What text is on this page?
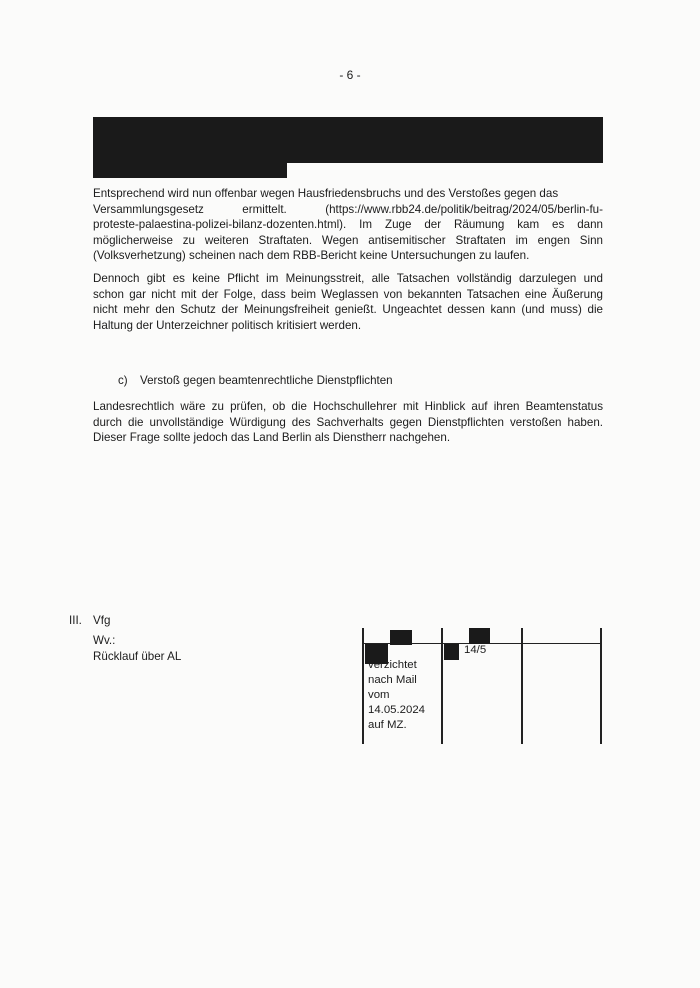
- 6 -

Entsprechend wird nun offenbar wegen Hausfriedensbruchs und des Verstoßes gegen das
Versammlungsgesetz ermittelt. (https://www.rbb24.de/politik/beitrag/2024/05/berlin-fu-
proteste-palaestina-polizei-bilanz-dozenten.html). Im Zuge der Räumung kam es dann
möglicherweise zu weiteren Straftaten. Wegen antisemitischer Straftaten im engen Sinn
(Volksverhetzung) scheinen nach dem RBB-Bericht keine Untersuchungen zu laufen.

Dennoch gibt es keine Pflicht im Meinungsstreit, alle Tatsachen vollständig darzulegen und
schon gar nicht mit der Folge, dass beim Weglassen von bekannten Tatsachen eine Äußerung
nicht mehr den Schutz der Meinungsfreiheit genießt. Ungeachtet dessen kann (und muss) die
Haltung der Unterzeichner politisch kritisiert werden.

c) Verstoß gegen beamtenrechtliche Dienstpflichten

Landesrechtlich wäre zu prüfen, ob die Hochschullehrer mit Hinblick auf ihren Beamtenstatus
durch die unvollständige Würdigung des Sachverhalts gegen Dienstpflichten verstoßen haben.
Dieser Frage sollte jedoch das Land Berlin als Dienstherr nachgehen.

III. Vfg
Wv.:
Rücklauf über AL
verzichtet
nach Mail
vom
14.05.2024
auf MZ.
14/5
